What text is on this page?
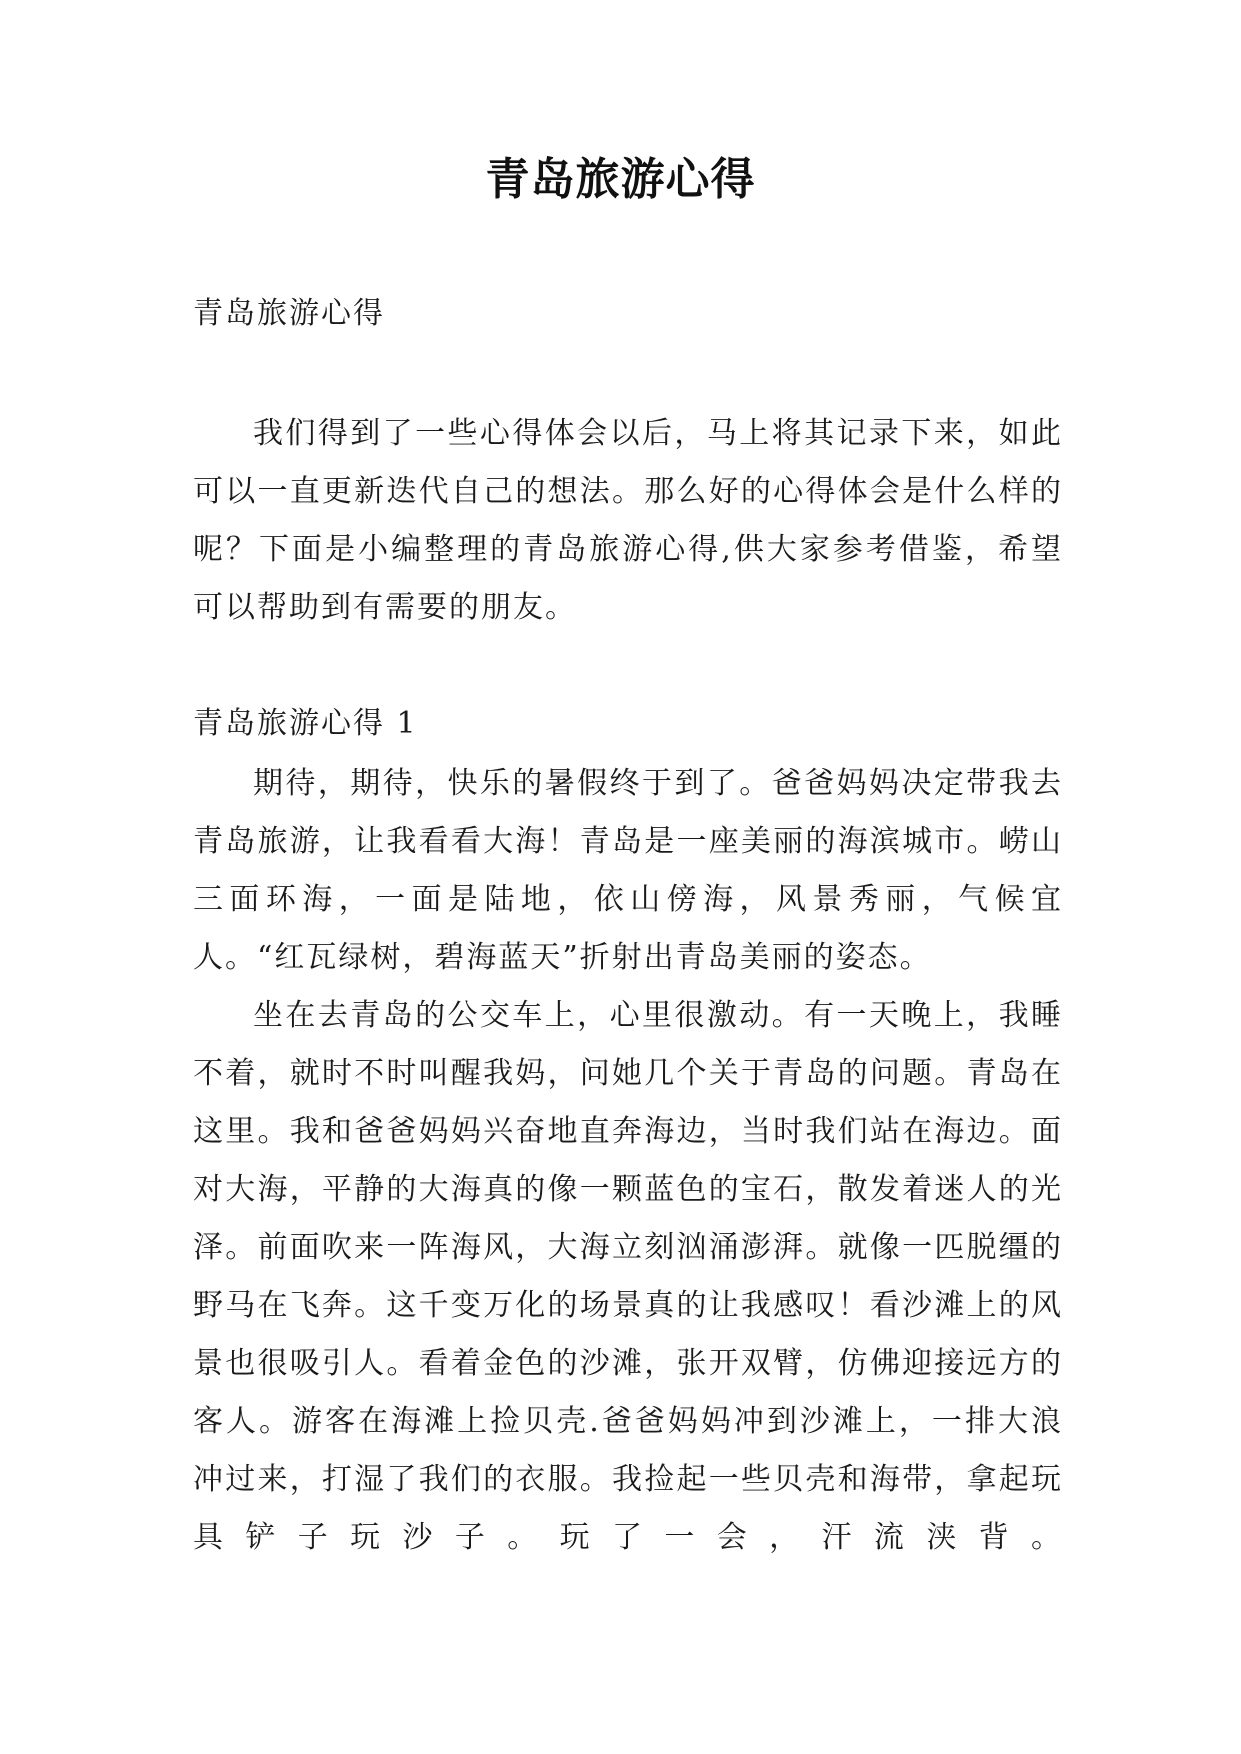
青岛旅游心得

青岛旅游心得

我们得到了一些心得体会以后，马上将其记录下来，如此可以一直更新迭代自己的想法。那么好的心得体会是什么样的呢？下面是小编整理的青岛旅游心得,供大家参考借鉴，希望可以帮助到有需要的朋友。

青岛旅游心得 1

期待，期待，快乐的暑假终于到了。爸爸妈妈决定带我去青岛旅游，让我看看大海！青岛是一座美丽的海滨城市。崂山三面环海，一面是陆地，依山傍海，风景秀丽，气候宜人。“红瓦绿树，碧海蓝天”折射出青岛美丽的姿态。

坐在去青岛的公交车上，心里很激动。有一天晚上，我睡不着，就时不时叫醒我妈，问她几个关于青岛的问题。青岛在这里。我和爸爸妈妈兴奋地直奔海边，当时我们站在海边。面对大海，平静的大海真的像一颗蓝色的宝石，散发着迷人的光泽。前面吹来一阵海风，大海立刻汹涌澎湃。就像一匹脱缰的野马在飞奔。这千变万化的场景真的让我感叹！看沙滩上的风景也很吸引人。看着金色的沙滩，张开双臂，仿佛迎接远方的客人。游客在海滩上捡贝壳.爸爸妈妈冲到沙滩上，一排大浪冲过来，打湿了我们的衣服。我捡起一些贝壳和海带，拿起玩具铲子玩沙子。玩了一会，汗流浃背。
